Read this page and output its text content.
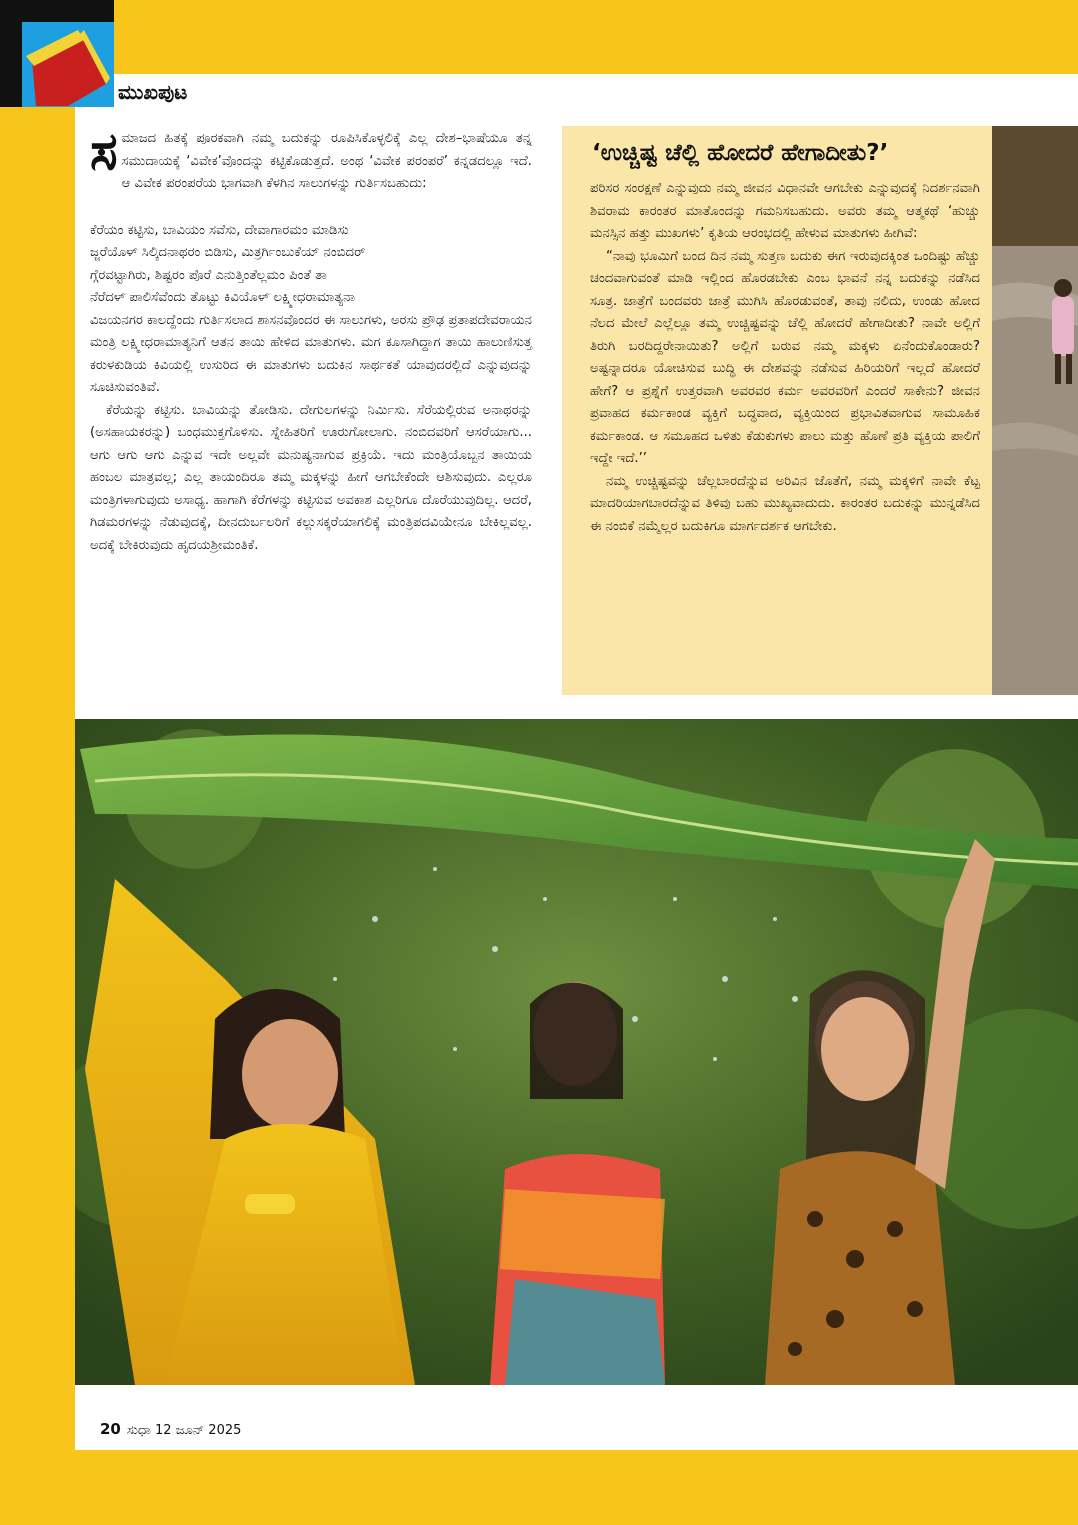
ಮುಖಪುಟ

ಸಮಾಜದ ಹಿತಕ್ಕೆ ಪೂರಕವಾಗಿ ನಮ್ಮ ಬದುಕನ್ನು ರೂಪಿಸಿಕೊಳ್ಳಲಿಕ್ಕೆ ಎಲ್ಲ ದೇಶ–ಭಾಷೆಯೂ ತನ್ನ ಸಮುದಾಯಕ್ಕೆ ‘ವಿವೇಕ’ವೊಂದನ್ನು ಕಟ್ಟಿಕೊಡುತ್ತದೆ. ಅಂಥ ‘ವಿವೇಕ ಪರಂಪರೆ’ ಕನ್ನಡದಲ್ಲೂ ಇದೆ. ಆ ವಿವೇಕ ಪರಂಪರೆಯ ಭಾಗವಾಗಿ ಕೆಳಗಿನ ಸಾಲುಗಳನ್ನು ಗುರ್ತಿಸಬಹುದು:

ಕೆರೆಯಂ ಕಟ್ಟಿಸು, ಬಾವಿಯಂ ಸವೆಸು, ದೇವಾಗಾರಮಂ ಮಾಡಿಸು
ಜ್ಜರೆಯೊಳ್ ಸಿಲ್ಕಿದನಾಥರಂ ಬಿಡಿಸು, ಮಿತ್ರರ್ಗಿಂಬುಕೆಯ್ ನಂಬಿದ‌ರ್
ಗ್ಗೆರವಟ್ಟಾಗಿರು, ಶಿಷ್ಟರಂ ಪೊರೆ ಎನುತ್ತಿಂತೆಲ್ಲಮಂ ಪಿಂತೆ ತಾ
ನೆರೆದಳ್ ಪಾಲಿಸೆವೆಂದು ತೊಟ್ಟು ಕಿವಿಯೊಳ್ ಲಕ್ಷ್ಮೀಧರಾಮಾತ್ಯನಾ

ವಿಜಯನಗರ ಕಾಲದ್ದೆಂದು ಗುರ್ತಿಸಲಾದ ಶಾಸನವೊಂದರ ಈ ಸಾಲುಗಳು, ಅರಸು ಪ್ರೌಢ ಪ್ರತಾಪದೇವರಾಯನ ಮಂತ್ರಿ ಲಕ್ಷ್ಮೀಧರಾಮಾತ್ಯನಿಗೆ ಆತನ ತಾಯಿ ಹೇಳಿದ ಮಾತುಗಳು. ಮಗ ಕೂಸಾಗಿದ್ದಾಗ ತಾಯಿ ಹಾಲುಣಿಸುತ್ತ ಕರುಳಕುಡಿಯ ಕಿವಿಯಲ್ಲಿ ಉಸುರಿದ ಈ ಮಾತುಗಳು ಬದುಕಿನ ಸಾರ್ಥಕತೆ ಯಾವುದರಲ್ಲಿದೆ ಎನ್ನುವುದನ್ನು ಸೂಚಿಸುವಂತಿವೆ.

ಕೆರೆಯನ್ನು ಕಟ್ಟಿಸು. ಬಾವಿಯನ್ನು ತೋಡಿಸು. ದೇಗುಲಗಳನ್ನು ನಿರ್ಮಿಸು. ಸೆರೆಯಲ್ಲಿರುವ ಅನಾಥರನ್ನು (ಅಸಹಾಯಕರನ್ನು) ಬಂಧಮುಕ್ತಗೊಳಿಸು. ಸ್ನೇಹಿತರಿಗೆ ಊರುಗೋಲಾಗು. ನಂಬಿದವರಿಗೆ ಆಸರೆಯಾಗು... ಆಗು ಆಗು ಆಗು ಎನ್ನುವ ಇದೇ ಅಲ್ಲವೇ ಮನುಷ್ಯನಾಗುವ ಪ್ರಕ್ರಿಯೆ. ಇದು ಮಂತ್ರಿಯೊಬ್ಬನ ತಾಯಿಯ ಹಂಬಲ ಮಾತ್ರವಲ್ಲ; ಎಲ್ಲ ತಾಯಂದಿರೂ ತಮ್ಮ ಮಕ್ಕಳನ್ನು ಹೀಗೆ ಆಗಬೇಕೆಂದೇ ಆಶಿಸುವುದು. ಎಲ್ಲರೂ ಮಂತ್ರಿಗಳಾಗುವುದು ಅಸಾಧ್ಯ. ಹಾಗಾಗಿ ಕೆರೆಗಳನ್ನು ಕಟ್ಟಿಸುವ ಅವಕಾಶ ಎಲ್ಲರಿಗೂ ದೊರೆಯುವುದಿಲ್ಲ. ಆದರೆ, ಗಿಡಮರಗಳನ್ನು ನೆಡುವುದಕ್ಕೆ, ದೀನದುರ್ಬಲರಿಗೆ ಕಲ್ಲುಸಕ್ಕರೆಯಾಗಲಿಕ್ಕೆ ಮಂತ್ರಿಪದವಿಯೇನೂ ಬೇಕಿಲ್ಲವಲ್ಲ. ಅದಕ್ಕೆ ಬೇಕಿರುವುದು ಹೃದಯಶ್ರೀಮಂತಿಕೆ.

‘ಉಚ್ಚಿಷ್ಟ ಚೆಲ್ಲಿ ಹೋದರೆ ಹೇಗಾದೀತು?’

ಪರಿಸರ ಸಂರಕ್ಷಣೆ ಎನ್ನುವುದು ನಮ್ಮ ಜೀವನ ವಿಧಾನವೇ ಆಗಬೇಕು ಎನ್ನುವುದಕ್ಕೆ ನಿದರ್ಶನವಾಗಿ ಶಿವರಾಮ ಕಾರಂತರ ಮಾತೊಂದನ್ನು ಗಮನಿಸಬಹುದು. ಅವರು ತಮ್ಮ ಆತ್ಮಕಥೆ ‘ಹುಚ್ಚು ಮನಸ್ಸಿನ ಹತ್ತು ಮುಖಗಳು’ ಕೃತಿಯ ಆರಂಭದಲ್ಲಿ ಹೇಳುವ ಮಾತುಗಳು ಹೀಗಿವೆ:

“ನಾವು ಭೂಮಿಗೆ ಬಂದ ದಿನ ನಮ್ಮ ಸುತ್ತಣ ಬದುಕು ಈಗ ಇರುವುದಕ್ಕಿಂತ ಒಂದಿಷ್ಟು ಹೆಚ್ಚು ಚಂದವಾಗುವಂತೆ ಮಾಡಿ ಇಲ್ಲಿಂದ ಹೊರಡಬೇಕು ಎಂಬ ಭಾವನೆ ನನ್ನ ಬದುಕನ್ನು ನಡೆಸಿದ ಸೂತ್ರ. ಜಾತ್ರೆಗೆ ಬಂದವರು ಜಾತ್ರೆ ಮುಗಿಸಿ ಹೊರಡುವಂತೆ, ತಾವು ನಲಿದು, ಉಂಡು ಹೋದ ನೆಲದ ಮೇಲೆ ಎಲ್ಲೆಲ್ಲೂ ತಮ್ಮ ಉಚ್ಚಿಷ್ಟವನ್ನು ಚೆಲ್ಲಿ ಹೋದರೆ ಹೇಗಾದೀತು? ನಾವೇ ಅಲ್ಲಿಗೆ ತಿರುಗಿ ಬರದಿದ್ದರೇನಾಯಿತು? ಅಲ್ಲಿಗೆ ಬರುವ ನಮ್ಮ ಮಕ್ಕಳು ಏನೆಂದುಕೊಂಡಾರು? ಅಷ್ಟನ್ನಾದರೂ ಯೋಚಿಸುವ ಬುದ್ಧಿ ಈ ದೇಶವನ್ನು ನಡೆಸುವ ಹಿರಿಯರಿಗೆ ಇಲ್ಲದೆ ಹೋದರೆ ಹೇಗೆ? ಆ ಪ್ರಶ್ನೆಗೆ ಉತ್ತರವಾಗಿ ಅವರವರ ಕರ್ಮ ಅವರವರಿಗೆ ಎಂದರೆ ಸಾಕೇನು? ಜೀವನ ಪ್ರವಾಹದ ಕರ್ಮಕಾಂಡ ವ್ಯಕ್ತಿಗೆ ಬದ್ಧವಾದ, ವ್ಯಕ್ತಿಯಿಂದ ಪ್ರಭಾವಿತವಾಗುವ ಸಾಮೂಹಿಕ ಕರ್ಮಕಾಂಡ. ಆ ಸಮೂಹದ ಒಳಿತು ಕೆಡುಕುಗಳು ಪಾಲು ಮತ್ತು ಹೊಣೆ ಪ್ರತಿ ವ್ಯಕ್ತಿಯ ಪಾಲಿಗೆ ಇದ್ದೇ ಇದೆ.’’

ನಮ್ಮ ಉಚ್ಚಿಷ್ಟವನ್ನು ಚೆಲ್ಲಬಾರದೆನ್ನುವ ಅರಿವಿನ ಜೊತೆಗೆ, ನಮ್ಮ ಮಕ್ಕಳಿಗೆ ನಾವೇ ಕೆಟ್ಟ ಮಾದರಿಯಾಗಬಾರದೆನ್ನುವ ತಿಳಿವು ಬಹು ಮುಖ್ಯವಾದುದು. ಕಾರಂತರ ಬದುಕನ್ನು ಮುನ್ನಡೆಸಿದ ಈ ನಂಬಿಕೆ ನಮ್ಮೆಲ್ಲರ ಬದುಕಿಗೂ ಮಾರ್ಗದರ್ಶಕ ಆಗಬೇಕು.

20 ಸುಧಾ 12 ಜೂನ್ 2025
